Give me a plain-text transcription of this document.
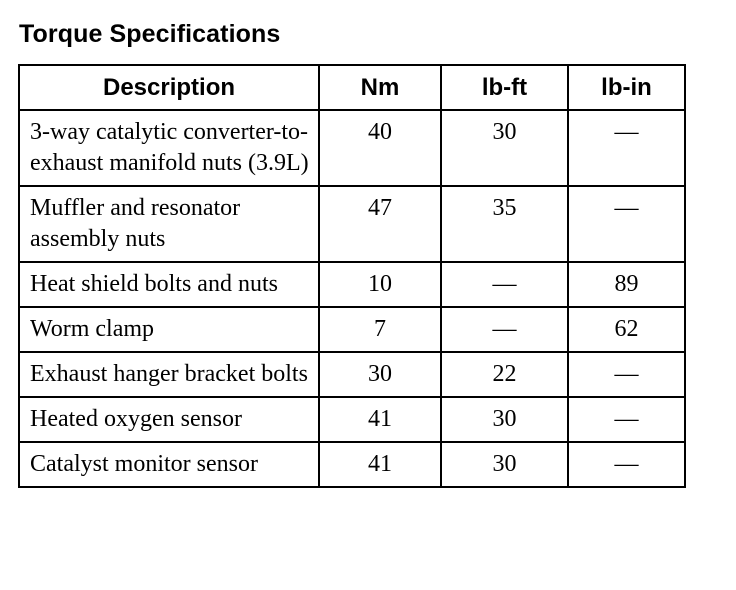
Torque Specifications
Description	Nm	lb-ft	lb-in
3-way catalytic converter-to-exhaust manifold nuts (3.9L)	40	30	—
Muffler and resonator assembly nuts	47	35	—
Heat shield bolts and nuts	10	—	89
Worm clamp	7	—	62
Exhaust hanger bracket bolts	30	22	—
Heated oxygen sensor	41	30	—
Catalyst monitor sensor	41	30	—
